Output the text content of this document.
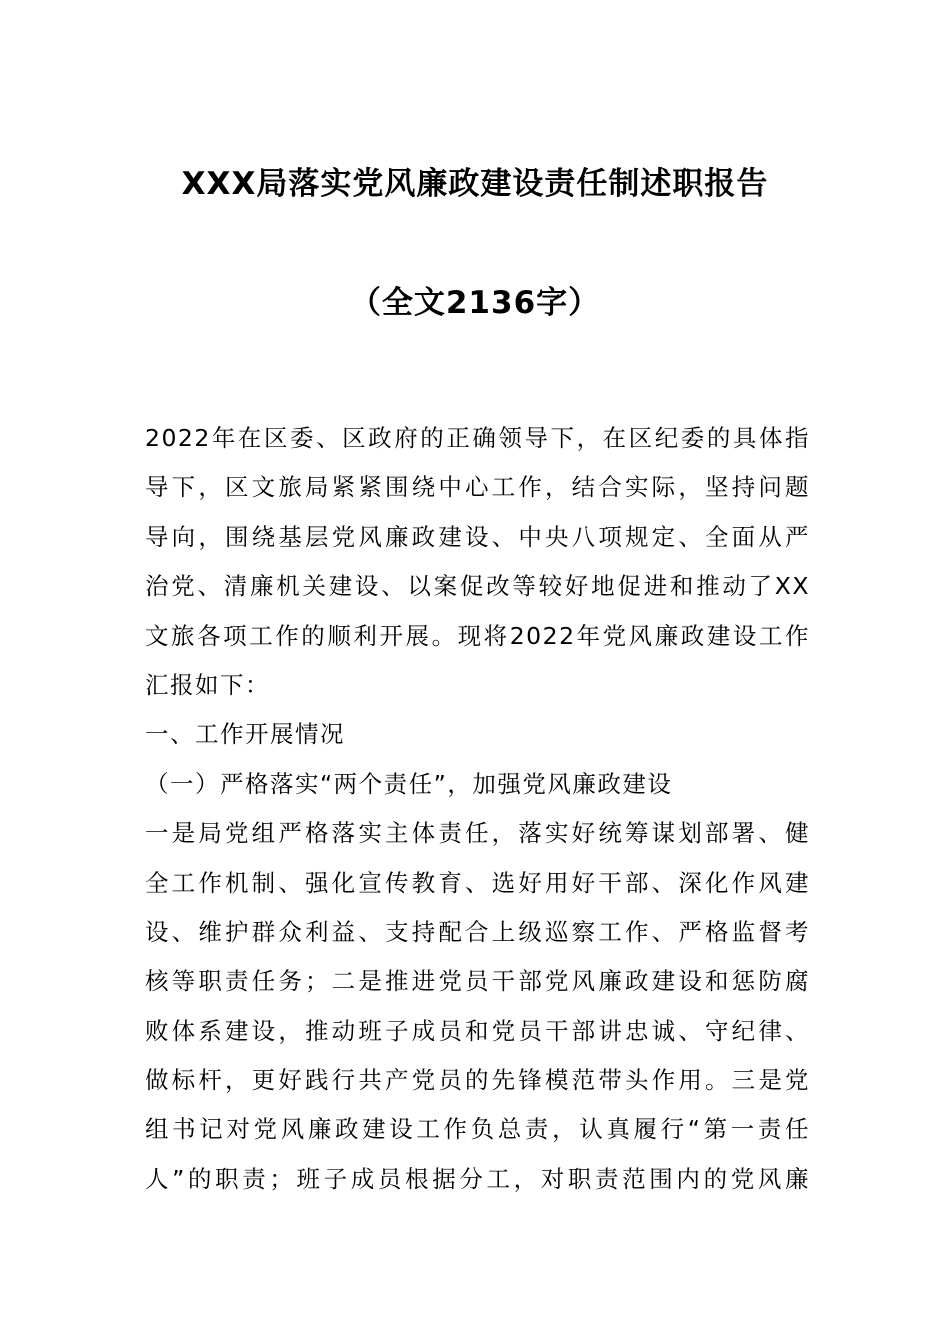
XXX局落实党风廉政建设责任制述职报告
（全文2136字）
2022年在区委、区政府的正确领导下，在区纪委的具体指
导下，区文旅局紧紧围绕中心工作，结合实际，坚持问题
导向，围绕基层党风廉政建设、中央八项规定、全面从严
治党、清廉机关建设、以案促改等较好地促进和推动了XX
文旅各项工作的顺利开展。现将2022年党风廉政建设工作
汇报如下：
一、工作开展情况
（一）严格落实“两个责任”，加强党风廉政建设
一是局党组严格落实主体责任，落实好统筹谋划部署、健
全工作机制、强化宣传教育、选好用好干部、深化作风建
设、维护群众利益、支持配合上级巡察工作、严格监督考
核等职责任务；二是推进党员干部党风廉政建设和惩防腐
败体系建设，推动班子成员和党员干部讲忠诚、守纪律、
做标杆，更好践行共产党员的先锋模范带头作用。三是党
组书记对党风廉政建设工作负总责，认真履行“第一责任
人”的职责；班子成员根据分工，对职责范围内的党风廉
